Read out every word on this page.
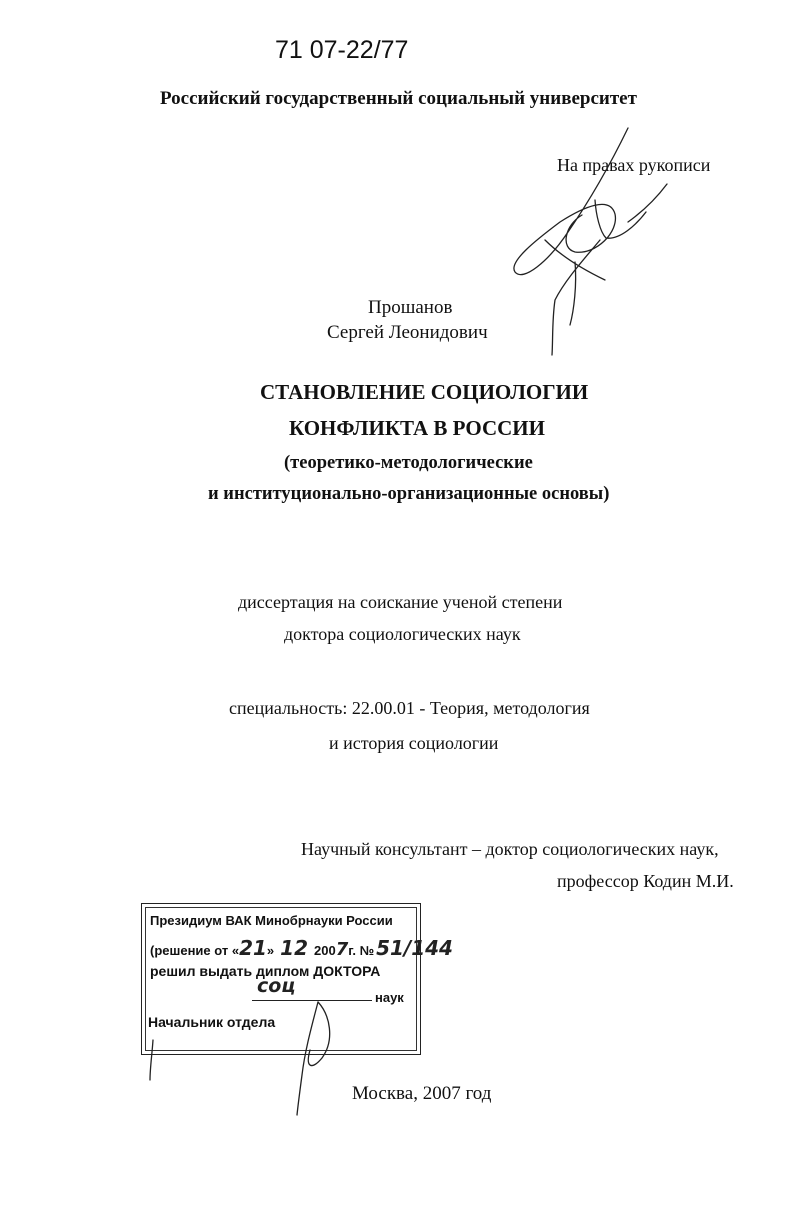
71 07-22/77
Российский государственный социальный университет
На правах рукописи
Прошанов
Сергей Леонидович
СТАНОВЛЕНИЕ СОЦИОЛОГИИ
КОНФЛИКТА В РОССИИ
(теоретико-методологические
и институционально-организационные основы)
диссертация на соискание ученой степени
доктора социологических наук
специальность: 22.00.01 - Теория, методология
и история социологии
Научный консультант – доктор социологических наук,
профессор Кодин М.И.
Президиум ВАК Минобрнауки России
(решение от «21» 12 2007г. № 51/144
решил выдать диплом ДОКТОРА
соц
наук
Начальник отдела
Москва, 2007 год
